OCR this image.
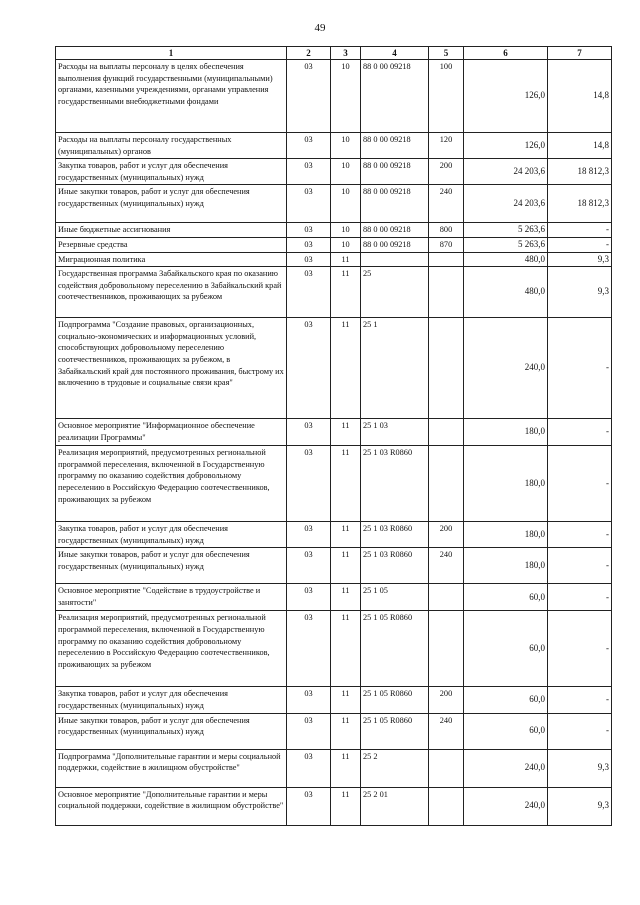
49
1	2	3	4	5	6	7
Расходы на выплаты персоналу в целях обеспечения выполнения функций государственными (муниципальными) органами, казенными учреждениями, органами управления государственными внебюджетными фондами	03	10	88 0 00 09218	100	126,0	14,8
Расходы на выплаты персоналу государственных (муниципальных) органов	03	10	88 0 00 09218	120	126,0	14,8
Закупка товаров, работ и услуг для обеспечения государственных (муниципальных) нужд	03	10	88 0 00 09218	200	24 203,6	18 812,3
Иные закупки товаров, работ и услуг для обеспечения государственных (муниципальных) нужд	03	10	88 0 00 09218	240	24 203,6	18 812,3
Иные бюджетные ассигнования	03	10	88 0 00 09218	800	5 263,6	-
Резервные средства	03	10	88 0 00 09218	870	5 263,6	-
Миграционная политика	03	11			480,0	9,3
Государственная программа Забайкальского края по оказанию содействия добровольному переселению в Забайкальский край соотечественников, проживающих за рубежом	03	11	25		480,0	9,3
Подпрограмма "Создание правовых, организационных, социально-экономических и информационных условий, способствующих добровольному переселению соотечественников, проживающих за рубежом, в Забайкальский край для постоянного проживания, быстрому их включению в трудовые и социальные связи края"	03	11	25 1		240,0	-
Основное мероприятие "Информационное обеспечение реализации Программы"	03	11	25 1 03		180,0	-
Реализация мероприятий, предусмотренных региональной программой переселения, включенной в Государственную программу по оказанию содействия добровольному переселению в Российскую Федерацию соотечественников, проживающих за рубежом	03	11	25 1 03 R0860		180,0	-
Закупка товаров, работ и услуг для обеспечения государственных (муниципальных) нужд	03	11	25 1 03 R0860	200	180,0	-
Иные закупки товаров, работ и услуг для обеспечения государственных (муниципальных) нужд	03	11	25 1 03 R0860	240	180,0	-
Основное мероприятие "Содействие в трудоустройстве и занятости"	03	11	25 1 05		60,0	-
Реализация мероприятий, предусмотренных региональной программой переселения, включенной в Государственную программу по оказанию содействия добровольному переселению в Российскую Федерацию соотечественников, проживающих за рубежом	03	11	25 1 05 R0860		60,0	-
Закупка товаров, работ и услуг для обеспечения государственных (муниципальных) нужд	03	11	25 1 05 R0860	200	60,0	-
Иные закупки товаров, работ и услуг для обеспечения государственных (муниципальных) нужд	03	11	25 1 05 R0860	240	60,0	-
Подпрограмма "Дополнительные гарантии и меры социальной поддержки, содействие в жилищном обустройстве"	03	11	25 2		240,0	9,3
Основное мероприятие "Дополнительные гарантии и меры социальной поддержки, содействие в жилищном обустройстве"	03	11	25 2 01		240,0	9,3
